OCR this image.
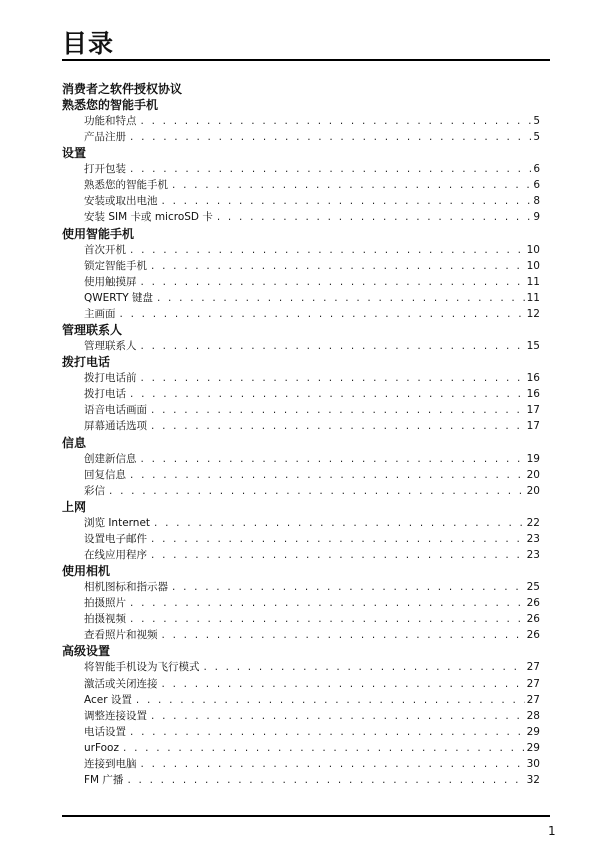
目录
消费者之软件授权协议
熟悉您的智能手机
功能和特点 . . .	5
产品注册 . . .	5
设置
打开包装 . . .	6
熟悉您的智能手机 . . .	6
安装或取出电池 . . .	8
安装 SIM 卡或 microSD 卡 . . .	9
使用智能手机
首次开机 . . .	10
锁定智能手机 . . .	10
使用触摸屏 . . .	11
QWERTY 键盘 . . .	11
主画面 . . .	12
管理联系人
管理联系人 . . .	15
拨打电话
拨打电话前 . . .	16
拨打电话 . . .	16
语音电话画面 . . .	17
屏幕通话选项 . . .	17
信息
创建新信息 . . .	19
回复信息 . . .	20
彩信 . . .	20
上网
浏览 Internet . . .	22
设置电子邮件 . . .	23
在线应用程序 . . .	23
使用相机
相机图标和指示器 . . .	25
拍摄照片 . . .	26
拍摄视频 . . .	26
查看照片和视频 . . .	26
高级设置
将智能手机设为飞行模式 . . .	27
激活或关闭连接 . . .	27
Acer 设置 . . .	27
调整连接设置 . . .	28
电话设置 . . .	29
urFooz . . .	29
连接到电脑 . . .	30
FM 广播 . . .	32
1
